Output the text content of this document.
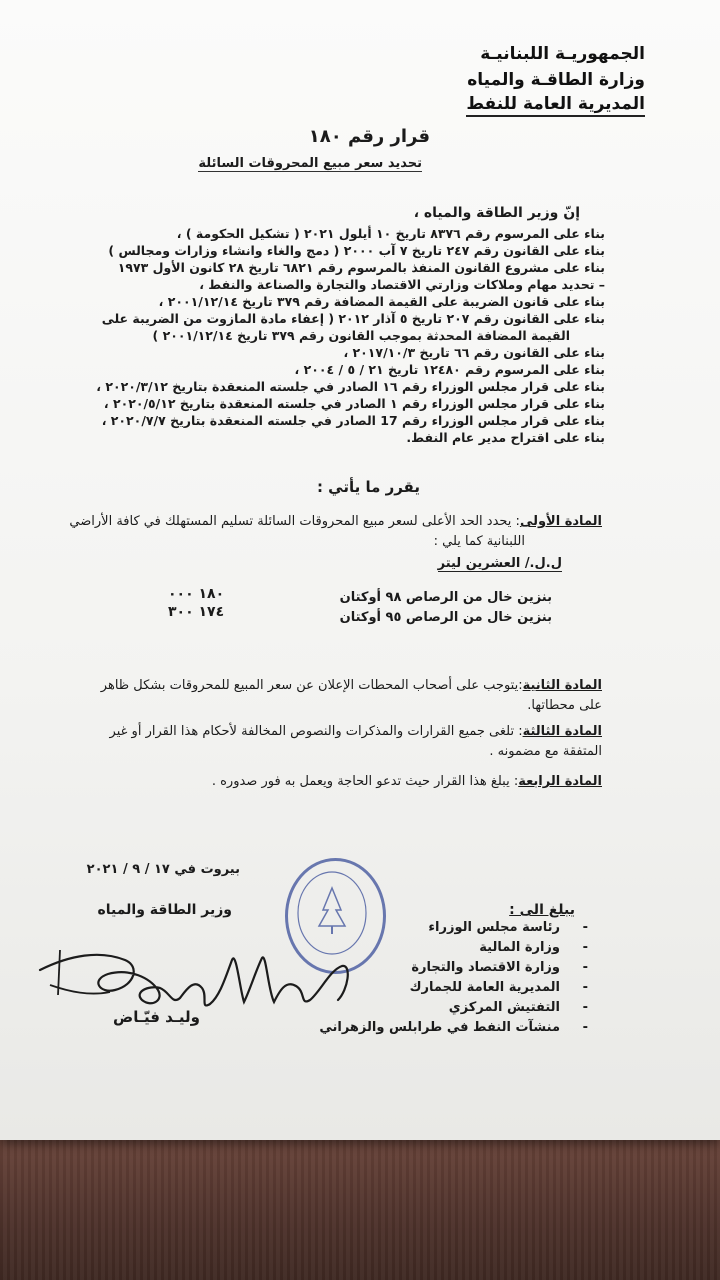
الجمهوريـة اللبنانيـة
وزارة الطاقـة والمياه
المديرية العامة للنفط
قرار رقم ١٨٠
تحديد سعر مبيع المحروقات السائلة
إنّ وزير الطاقة والمياه ،
بناء على المرسوم رقم ٨٣٧٦ تاريخ ١٠ أيلول ٢٠٢١ ( تشكيل الحكومة ) ،
بناء على القانون رقم ٢٤٧ تاريخ ٧ آب ٢٠٠٠ ( دمج والغاء وانشاء وزارات ومجالس )
بناء على مشروع القانون المنفذ بالمرسوم رقم ٦٨٢١ تاريخ ٢٨ كانون الأول ١٩٧٣
– تحديد مهام وملاكات وزارتي الاقتصاد والتجارة والصناعة والنفط ،
بناء على قانون الضريبة على القيمة المضافة رقم ٣٧٩ تاريخ ٢٠٠١/١٢/١٤ ،
بناء على القانون رقم ٢٠٧ تاريخ ٥ آذار ٢٠١٢ ( إعفاء مادة المازوت من الضريبة على
القيمة المضافة المحدثة بموجب القانون رقم ٣٧٩ تاريخ ٢٠٠١/١٢/١٤ )
بناء على القانون رقم ٦٦ تاريخ ٢٠١٧/١٠/٣ ،
بناء على المرسوم رقم ١٢٤٨٠ تاريخ ٢١ / ٥ / ٢٠٠٤ ،
بناء على قرار مجلس الوزراء رقم ١٦ الصادر في جلسته المنعقدة بتاريخ ٢٠٢٠/٣/١٢ ،
بناء على قرار مجلس الوزراء رقم ١ الصادر في جلسته المنعقدة بتاريخ ٢٠٢٠/٥/١٢ ،
بناء على قرار مجلس الوزراء رقم 17 الصادر في جلسته المنعقدة بتاريخ ٢٠٢٠/٧/٧ ،
بناء على اقتراح مدير عام النفط.
يقرر ما يأتي :
المادة الأولى: يحدد الحد الأعلى لسعر مبيع المحروقات السائلة تسليم المستهلك في كافة الأراضي
اللبنانية كما يلي :
ل.ل./ العشرين ليتر
بنزين خال من الرصاص ٩٨ أوكتان
١٨٠ ٠٠٠
بنزين خال من الرصاص ٩٥ أوكتان
١٧٤ ٣٠٠
المادة الثانية:يتوجب على أصحاب المحطات الإعلان عن سعر المبيع للمحروقات بشكل ظاهر
على محطاتها.
المادة الثالثة: تلغى جميع القرارات والمذكرات والنصوص المخالفة لأحكام هذا القرار أو غير
المتفقة مع مضمونه .
المادة الرابعة: يبلغ هذا القرار حيث تدعو الحاجة ويعمل به فور صدوره .
بيروت في ١٧ / ٩ / ٢٠٢١
وزير الطاقة والمياه
وليـد فيّـاض
يبلغ الى :
- رئاسة مجلس الوزراء
- وزارة المالية
- وزارة الاقتصاد والتجارة
- المديرية العامة للجمارك
- التفتيش المركزي
- منشآت النفط في طرابلس والزهراني
